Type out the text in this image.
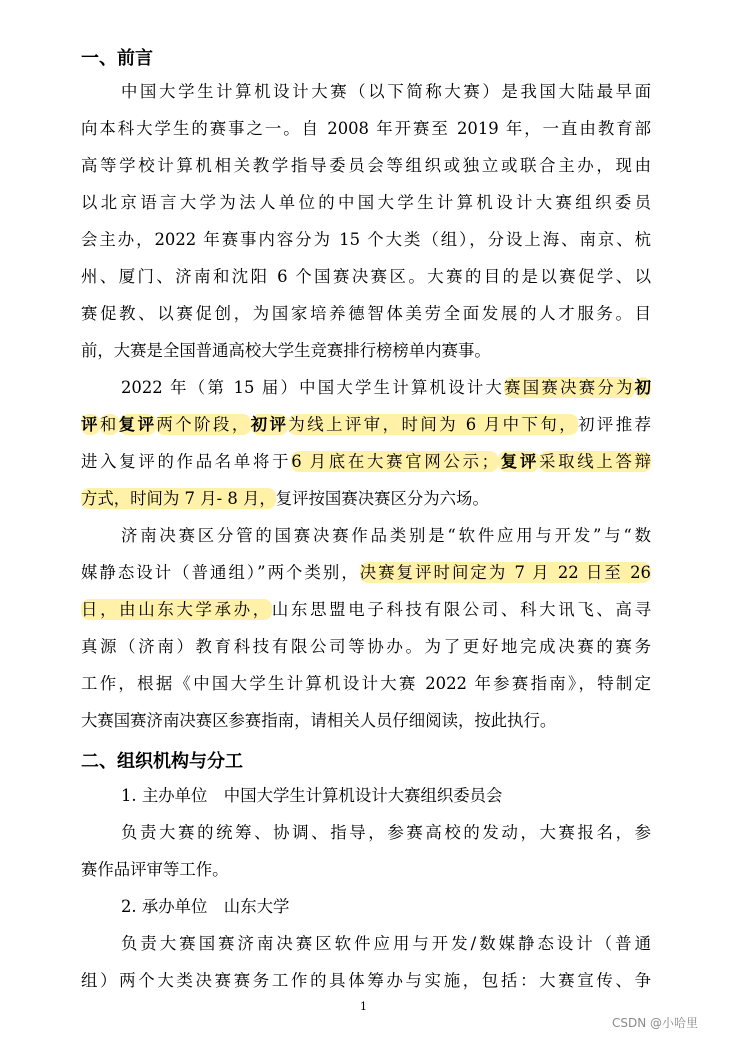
一、前言
中国大学生计算机设计大赛（以下简称大赛）是我国大陆最早面
向本科大学生的赛事之一。自 2008 年开赛至 2019 年，一直由教育部
高等学校计算机相关教学指导委员会等组织或独立或联合主办，现由
以北京语言大学为法人单位的中国大学生计算机设计大赛组织委员
会主办，2022 年赛事内容分为 15 个大类（组），分设上海、南京、杭
州、厦门、济南和沈阳 6 个国赛决赛区。大赛的目的是以赛促学、以
赛促教、以赛促创，为国家培养德智体美劳全面发展的人才服务。目
前，大赛是全国普通高校大学生竞赛排行榜榜单内赛事。
2022 年（第 15 届）中国大学生计算机设计大赛国赛决赛分为初
评和复评两个阶段，初评为线上评审，时间为 6 月中下旬，初评推荐
进入复评的作品名单将于6 月底在大赛官网公示；复评采取线上答辩
方式，时间为 7 月- 8 月，复评按国赛决赛区分为六场。
济南决赛区分管的国赛决赛作品类别是“软件应用与开发”与“数
媒静态设计（普通组）”两个类别，决赛复评时间定为 7 月 22 日至 26
日，由山东大学承办，山东思盟电子科技有限公司、科大讯飞、高寻
真源（济南）教育科技有限公司等协办。为了更好地完成决赛的赛务
工作，根据《中国大学生计算机设计大赛 2022 年参赛指南》，特制定
大赛国赛济南决赛区参赛指南，请相关人员仔细阅读，按此执行。
二、组织机构与分工
1. 主办单位　中国大学生计算机设计大赛组织委员会
负责大赛的统筹、协调、指导，参赛高校的发动，大赛报名，参
赛作品评审等工作。
2. 承办单位　山东大学
负责大赛国赛济南决赛区软件应用与开发/数媒静态设计（普通
组）两个大类决赛赛务工作的具体筹办与实施，包括：大赛宣传、争
1
CSDN @小哈里
